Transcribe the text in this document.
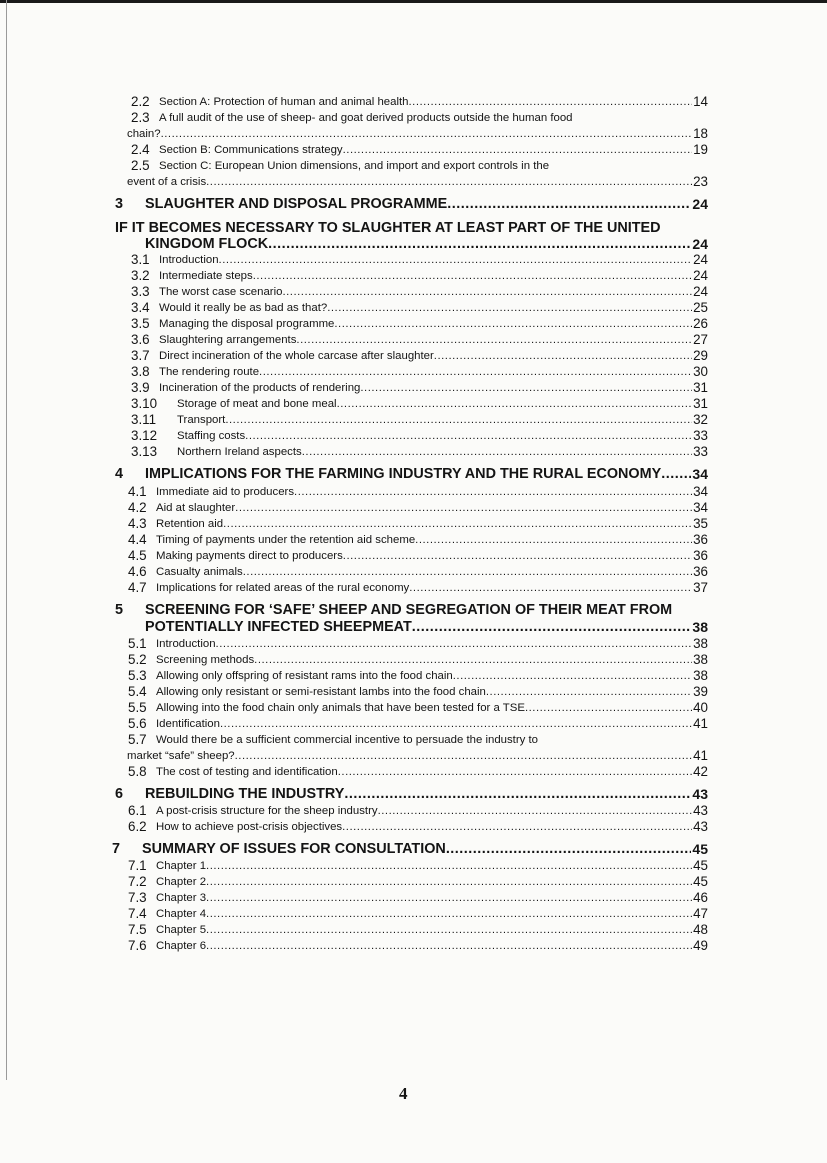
2.2 Section A: Protection of human and animal health .....	14
2.3 A full audit of the use of sheep- and goat derived products outside the human food
chain? .....	18
2.4 Section B: Communications strategy .....	19
2.5 Section C: European Union dimensions, and import and export controls in the
event of a crisis .....	23
3	SLAUGHTER AND DISPOSAL PROGRAMME .....	24
IF IT BECOMES NECESSARY TO SLAUGHTER AT LEAST PART OF THE UNITED
KINGDOM FLOCK .....	24
3.1 Introduction .....	24
3.2 Intermediate steps .....	24
3.3 The worst case scenario .....	24
3.4 Would it really be as bad as that? .....	25
3.5 Managing the disposal programme .....	26
3.6 Slaughtering arrangements .....	27
3.7 Direct incineration of the whole carcase after slaughter .....	29
3.8 The rendering route .....	30
3.9 Incineration of the products of rendering .....	31
3.10	Storage of meat and bone meal .....	31
3.11	Transport .....	32
3.12	Staffing costs .....	33
3.13	Northern Ireland aspects .....	33
4	IMPLICATIONS FOR THE FARMING INDUSTRY AND THE RURAL ECONOMY ..... 34
4.1 Immediate aid to producers .....	34
4.2 Aid at slaughter .....	34
4.3 Retention aid .....	35
4.4 Timing of payments under the retention aid scheme .....	36
4.5 Making payments direct to producers .....	36
4.6 Casualty animals .....	36
4.7 Implications for related areas of the rural economy .....	37
5 SCREENING FOR ‘SAFE’ SHEEP AND SEGREGATION OF THEIR MEAT FROM
POTENTIALLY INFECTED SHEEPMEAT .....	38
5.1 Introduction .....	38
5.2 Screening methods .....	38
5.3 Allowing only offspring of resistant rams into the food chain .....	38
5.4 Allowing only resistant or semi-resistant lambs into the food chain .....	39
5.5 Allowing into the food chain only animals that have been tested for a TSE .....	40
5.6 Identification .....	41
5.7 Would there be a sufficient commercial incentive to persuade the industry to
market “safe” sheep? .....	41
5.8 The cost of testing and identification .....	42
6	REBUILDING THE INDUSTRY .....	43
6.1 A post-crisis structure for the sheep industry .....	43
6.2 How to achieve post-crisis objectives .....	43
7	SUMMARY OF ISSUES FOR CONSULTATION .....	45
7.1 Chapter 1 .....	45
7.2 Chapter 2 .....	45
7.3 Chapter 3 .....	46
7.4 Chapter 4 .....	47
7.5 Chapter 5 .....	48
7.6 Chapter 6 .....	49
4
